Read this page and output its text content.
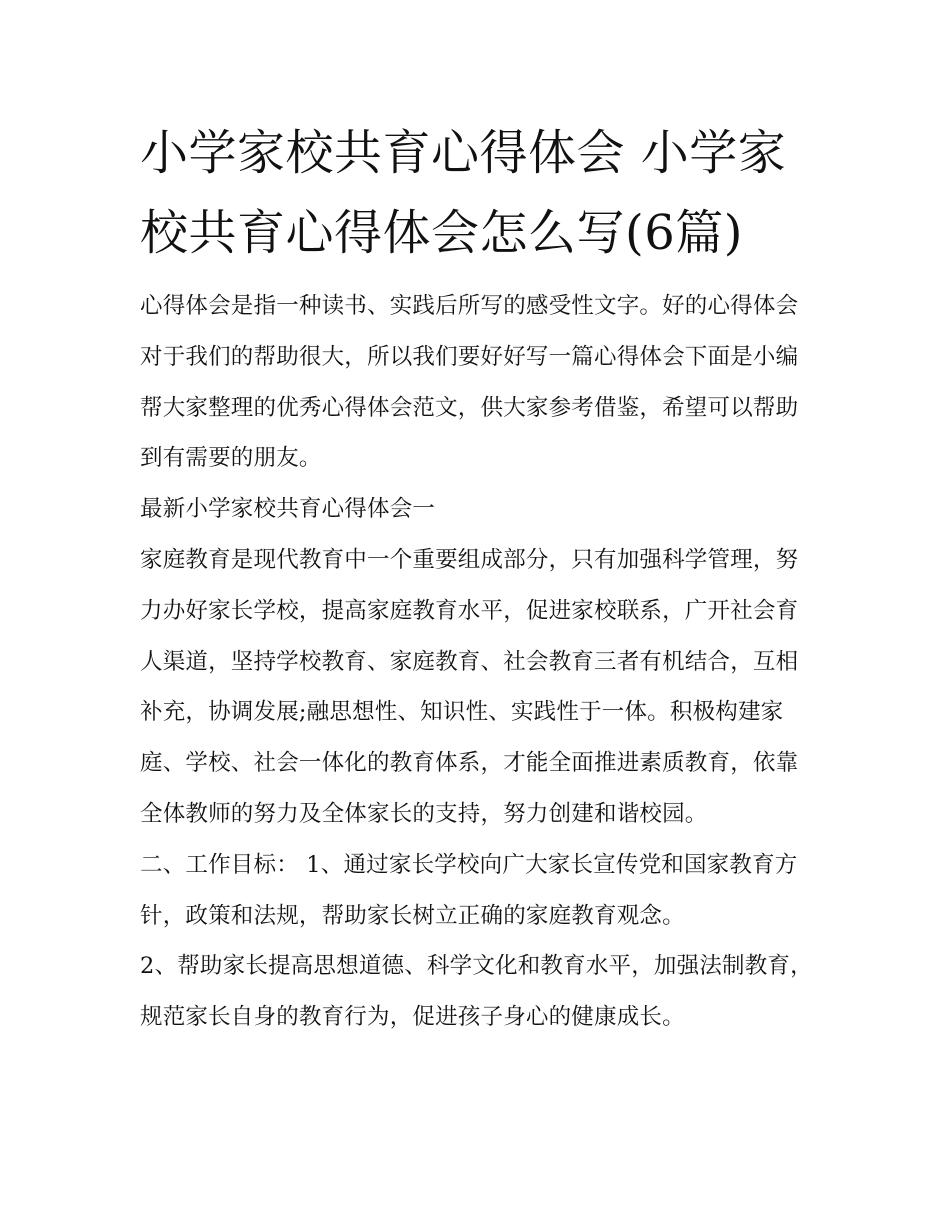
小学家校共育心得体会 小学家校共育心得体会怎么写(6篇)

心得体会是指一种读书、实践后所写的感受性文字。好的心得体会对于我们的帮助很大，所以我们要好好写一篇心得体会下面是小编帮大家整理的优秀心得体会范文，供大家参考借鉴，希望可以帮助到有需要的朋友。

最新小学家校共育心得体会一

家庭教育是现代教育中一个重要组成部分，只有加强科学管理，努力办好家长学校，提高家庭教育水平，促进家校联系，广开社会育人渠道，坚持学校教育、家庭教育、社会教育三者有机结合，互相补充，协调发展;融思想性、知识性、实践性于一体。积极构建家庭、学校、社会一体化的教育体系，才能全面推进素质教育，依靠全体教师的努力及全体家长的支持，努力创建和谐校园。

二、工作目标： 1、通过家长学校向广大家长宣传党和国家教育方针，政策和法规，帮助家长树立正确的家庭教育观念。

2、帮助家长提高思想道德、科学文化和教育水平，加强法制教育，规范家长自身的教育行为，促进孩子身心的健康成长。
